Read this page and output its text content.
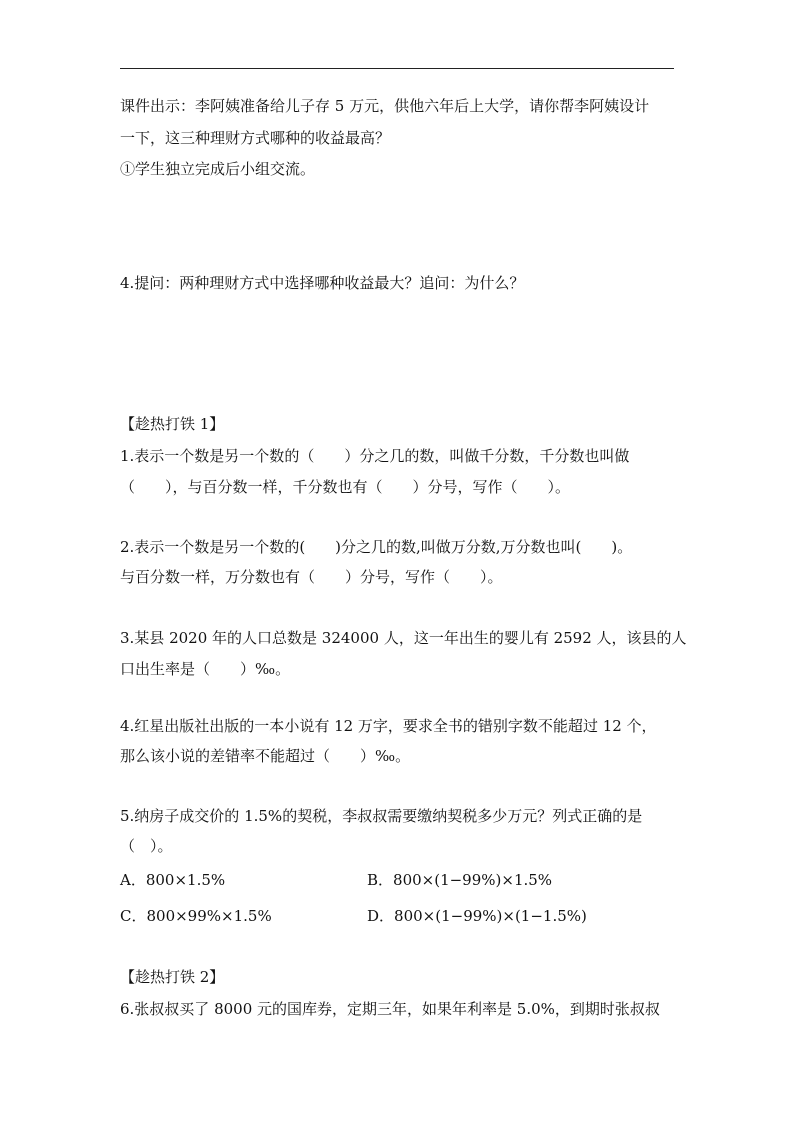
课件出示：李阿姨准备给儿子存 5 万元，供他六年后上大学，请你帮李阿姨设计
一下，这三种理财方式哪种的收益最高？
①学生独立完成后小组交流。
4.提问：两种理财方式中选择哪种收益最大？追问：为什么？
【趁热打铁 1】
1.表示一个数是另一个数的（　　）分之几的数，叫做千分数，千分数也叫做
（　　），与百分数一样，千分数也有（　　）分号，写作（　　）。
2.表示一个数是另一个数的(　　)分之几的数,叫做万分数,万分数也叫(　　)。
与百分数一样，万分数也有（　　）分号，写作（　　）。
3.某县 2020 年的人口总数是 324000 人，这一年出生的婴儿有 2592 人，该县的人
口出生率是（　　）‰。
4.红星出版社出版的一本小说有 12 万字，要求全书的错别字数不能超过 12 个，
那么该小说的差错率不能超过（　　）‰。
5.纳房子成交价的 1.5%的契税，李叔叔需要缴纳契税多少万元？列式正确的是
（　）。
A．800×1.5%	B．800×(1−99%)×1.5%
C．800×99%×1.5%	D．800×(1−99%)×(1−1.5%)
【趁热打铁 2】
6.张叔叔买了 8000 元的国库券，定期三年，如果年利率是 5.0%，到期时张叔叔
